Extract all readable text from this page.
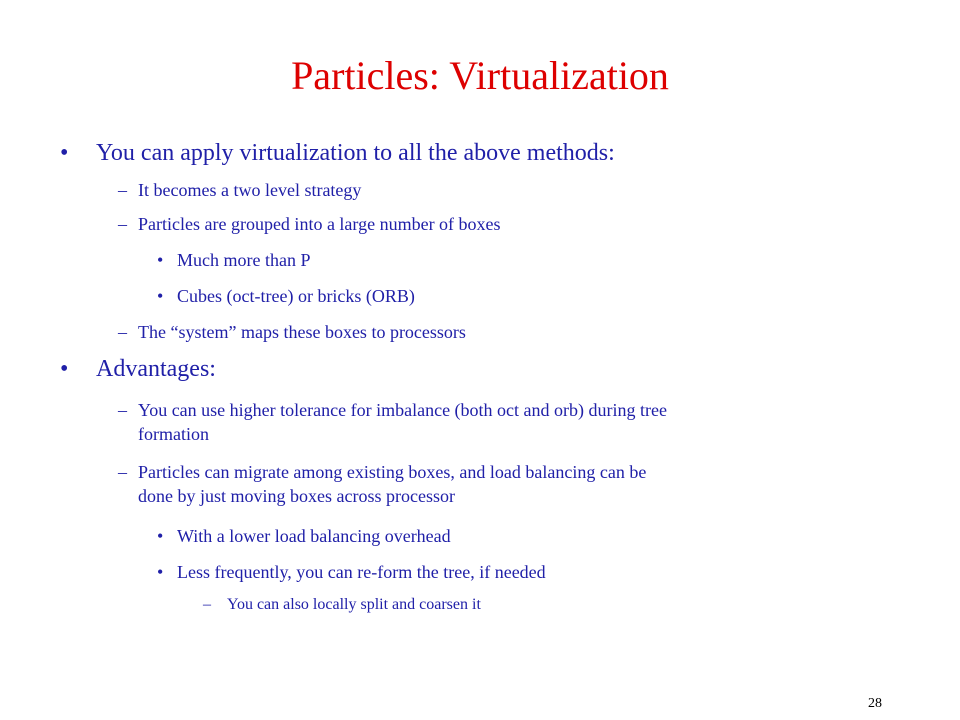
Particles: Virtualization
• You can apply virtualization to all the above methods:
– It becomes a two level strategy
– Particles are grouped into a large number of boxes
• Much more than P
• Cubes (oct-tree) or bricks (ORB)
– The “system” maps these boxes to processors
• Advantages:
– You can use higher tolerance for imbalance (both oct and orb) during tree
formation
– Particles can migrate among existing boxes, and load balancing can be
done by just moving boxes across processor
• With a lower load balancing overhead
• Less frequently, you can re-form the tree, if needed
– You can also locally split and coarsen it
28
